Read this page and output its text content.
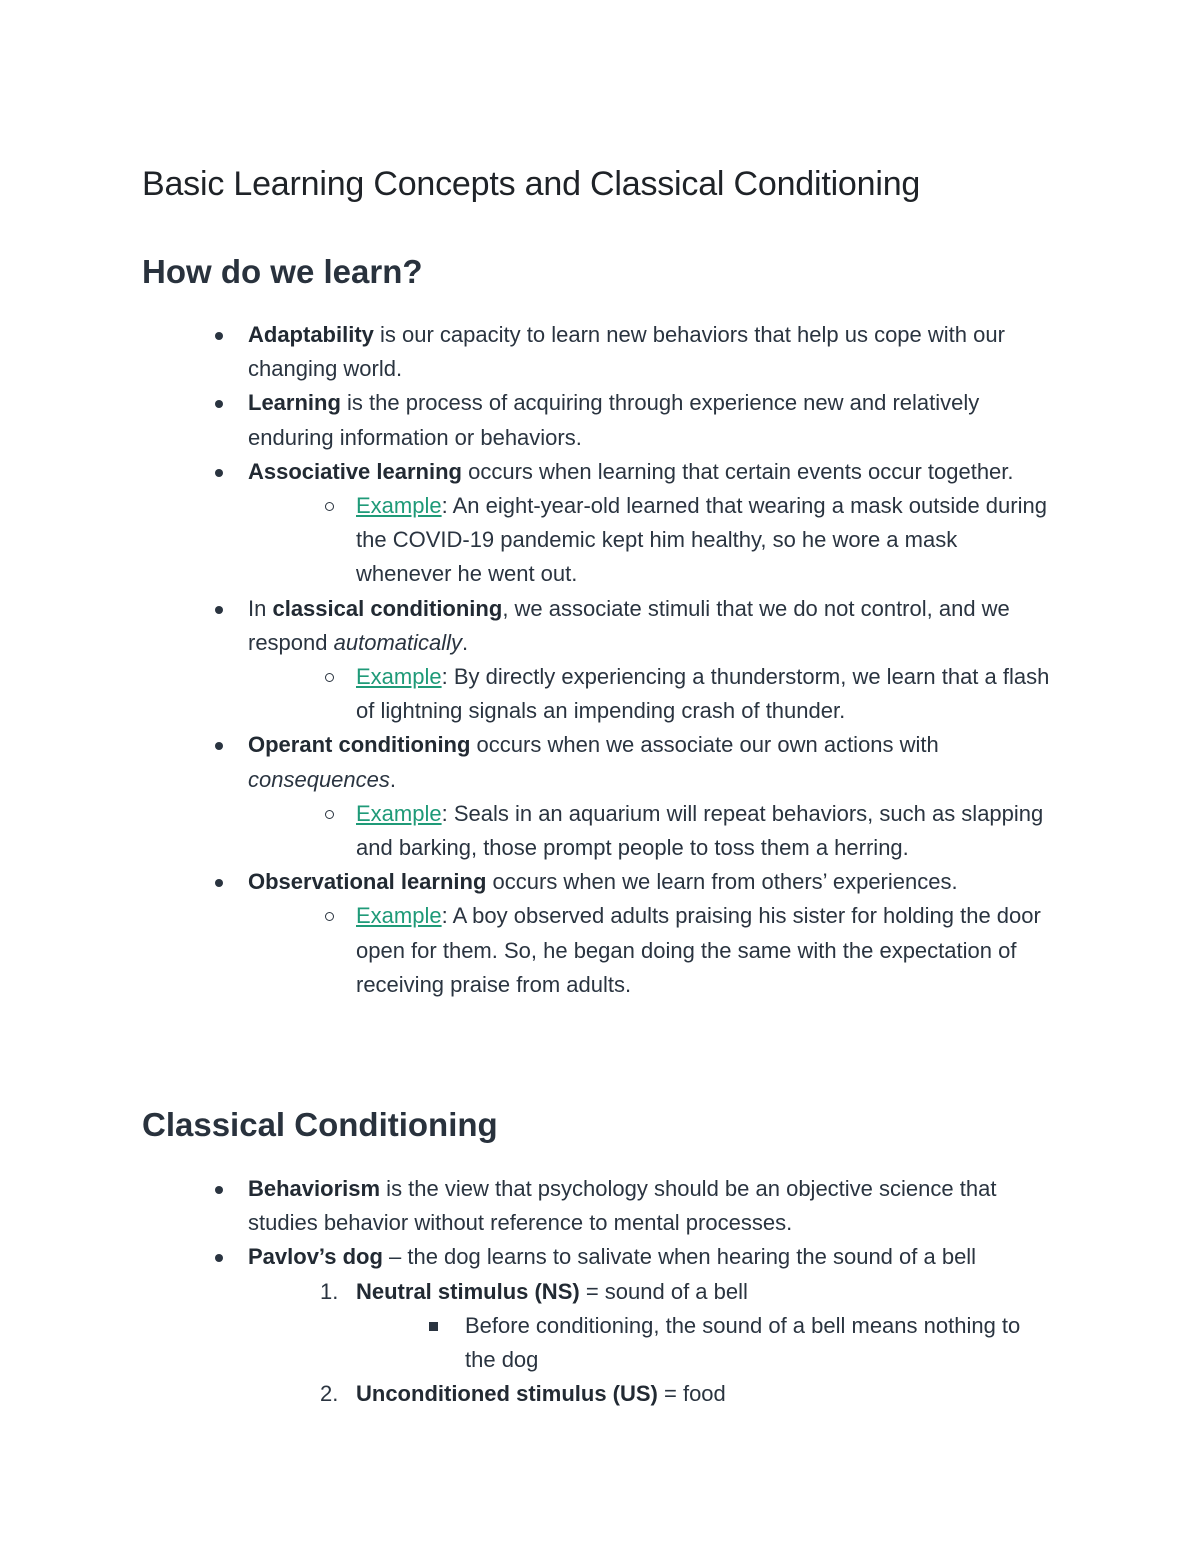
Basic Learning Concepts and Classical Conditioning
How do we learn?
Adaptability is our capacity to learn new behaviors that help us cope with our changing world.
Learning is the process of acquiring through experience new and relatively enduring information or behaviors.
Associative learning occurs when learning that certain events occur together.
Example: An eight-year-old learned that wearing a mask outside during the COVID-19 pandemic kept him healthy, so he wore a mask whenever he went out.
In classical conditioning, we associate stimuli that we do not control, and we respond automatically.
Example: By directly experiencing a thunderstorm, we learn that a flash of lightning signals an impending crash of thunder.
Operant conditioning occurs when we associate our own actions with consequences.
Example: Seals in an aquarium will repeat behaviors, such as slapping and barking, those prompt people to toss them a herring.
Observational learning occurs when we learn from others’ experiences.
Example: A boy observed adults praising his sister for holding the door open for them. So, he began doing the same with the expectation of receiving praise from adults.
Classical Conditioning
Behaviorism is the view that psychology should be an objective science that studies behavior without reference to mental processes.
Pavlov’s dog – the dog learns to salivate when hearing the sound of a bell
1. Neutral stimulus (NS) = sound of a bell
Before conditioning, the sound of a bell means nothing to the dog
2. Unconditioned stimulus (US) = food
